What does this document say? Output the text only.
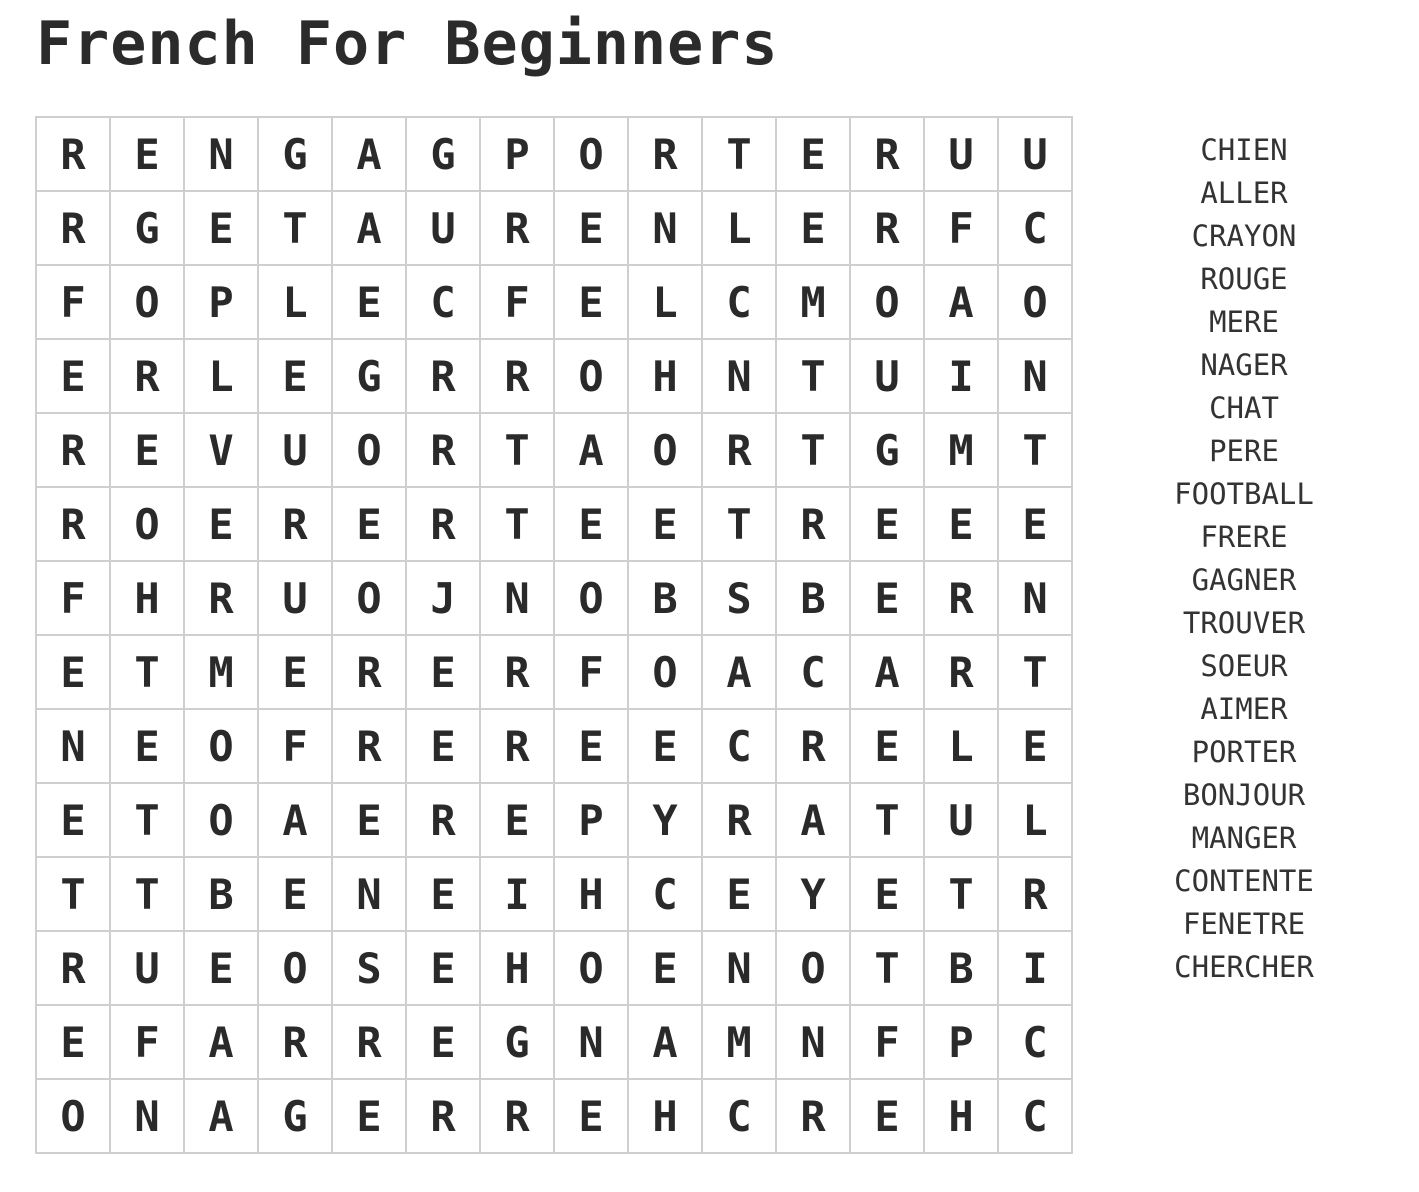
French For Beginners
R	E	N	G	A	G	P	O	R	T	E	R	U	U
R	G	E	T	A	U	R	E	N	L	E	R	F	C
F	O	P	L	E	C	F	E	L	C	M	O	A	O
E	R	L	E	G	R	R	O	H	N	T	U	I	N
R	E	V	U	O	R	T	A	O	R	T	G	M	T
R	O	E	R	E	R	T	E	E	T	R	E	E	E
F	H	R	U	O	J	N	O	B	S	B	E	R	N
E	T	M	E	R	E	R	F	O	A	C	A	R	T
N	E	O	F	R	E	R	E	E	C	R	E	L	E
E	T	O	A	E	R	E	P	Y	R	A	T	U	L
T	T	B	E	N	E	I	H	C	E	Y	E	T	R
R	U	E	O	S	E	H	O	E	N	O	T	B	I
E	F	A	R	R	E	G	N	A	M	N	F	P	C
O	N	A	G	E	R	R	E	H	C	R	E	H	C
CHIEN
ALLER
CRAYON
ROUGE
MERE
NAGER
CHAT
PERE
FOOTBALL
FRERE
GAGNER
TROUVER
SOEUR
AIMER
PORTER
BONJOUR
MANGER
CONTENTE
FENETRE
CHERCHER
